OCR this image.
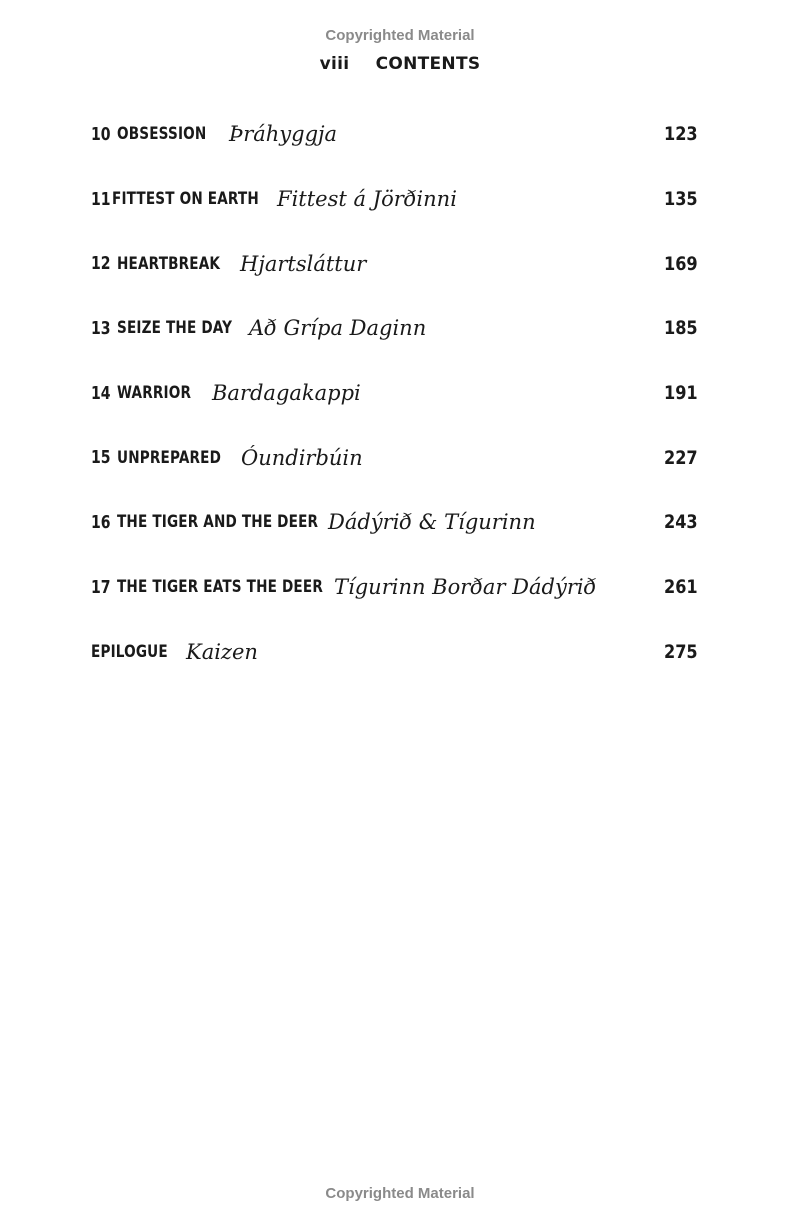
Copyrighted Material
viii CONTENTS
10 OBSESSION Þráhyggja	123
11 FITTEST ON EARTH Fittest á Jörðinni	135
12 HEARTBREAK Hjartsláttur	169
13 SEIZE THE DAY Að Grípa Daginn	185
14 WARRIOR Bardagakappi	191
15 UNPREPARED Óundirbúin	227
16 THE TIGER AND THE DEER Dádýrið & Tígurinn	243
17 THE TIGER EATS THE DEER Tígurinn Borðar Dádýrið	261
EPILOGUE Kaizen	275
Copyrighted Material
